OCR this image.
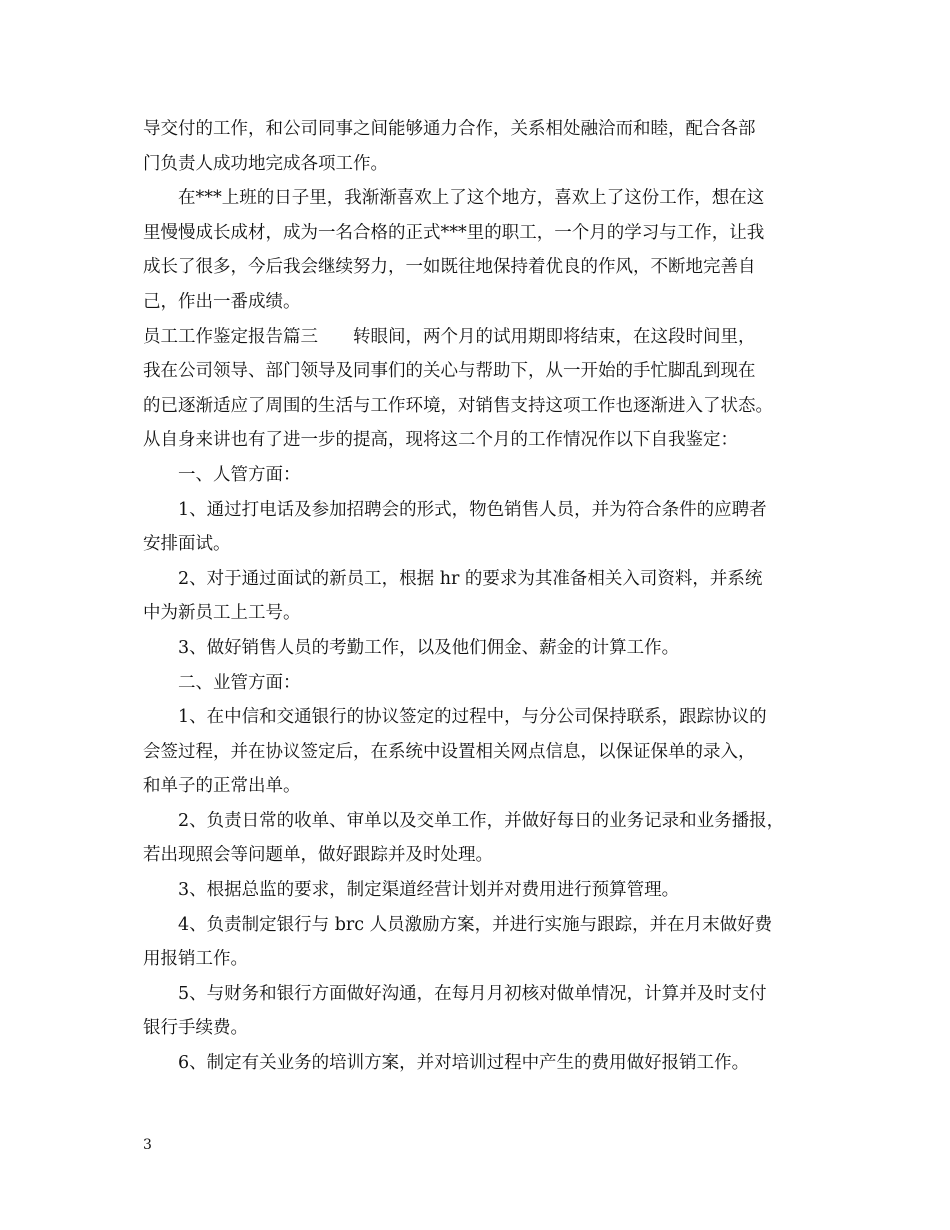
导交付的工作，和公司同事之间能够通力合作，关系相处融洽而和睦，配合各部
门负责人成功地完成各项工作。
在***上班的日子里，我渐渐喜欢上了这个地方，喜欢上了这份工作，想在这
里慢慢成长成材，成为一名合格的正式***里的职工，一个月的学习与工作，让我
成长了很多，今后我会继续努力，一如既往地保持着优良的作风，不断地完善自
己，作出一番成绩。
员工工作鉴定报告篇三　　转眼间，两个月的试用期即将结束，在这段时间里，
我在公司领导、部门领导及同事们的关心与帮助下，从一开始的手忙脚乱到现在
的已逐渐适应了周围的生活与工作环境，对销售支持这项工作也逐渐进入了状态。
从自身来讲也有了进一步的提高，现将这二个月的工作情况作以下自我鉴定：
一、人管方面：
1、通过打电话及参加招聘会的形式，物色销售人员，并为符合条件的应聘者
安排面试。
2、对于通过面试的新员工，根据 hr 的要求为其准备相关入司资料，并系统
中为新员工上工号。
3、做好销售人员的考勤工作，以及他们佣金、薪金的计算工作。
二、业管方面：
1、在中信和交通银行的协议签定的过程中，与分公司保持联系，跟踪协议的
会签过程，并在协议签定后，在系统中设置相关网点信息，以保证保单的录入，
和单子的正常出单。
2、负责日常的收单、审单以及交单工作，并做好每日的业务记录和业务播报，
若出现照会等问题单，做好跟踪并及时处理。
3、根据总监的要求，制定渠道经营计划并对费用进行预算管理。
4、负责制定银行与 brc 人员激励方案，并进行实施与跟踪，并在月末做好费
用报销工作。
5、与财务和银行方面做好沟通，在每月月初核对做单情况，计算并及时支付
银行手续费。
6、制定有关业务的培训方案，并对培训过程中产生的费用做好报销工作。
3
